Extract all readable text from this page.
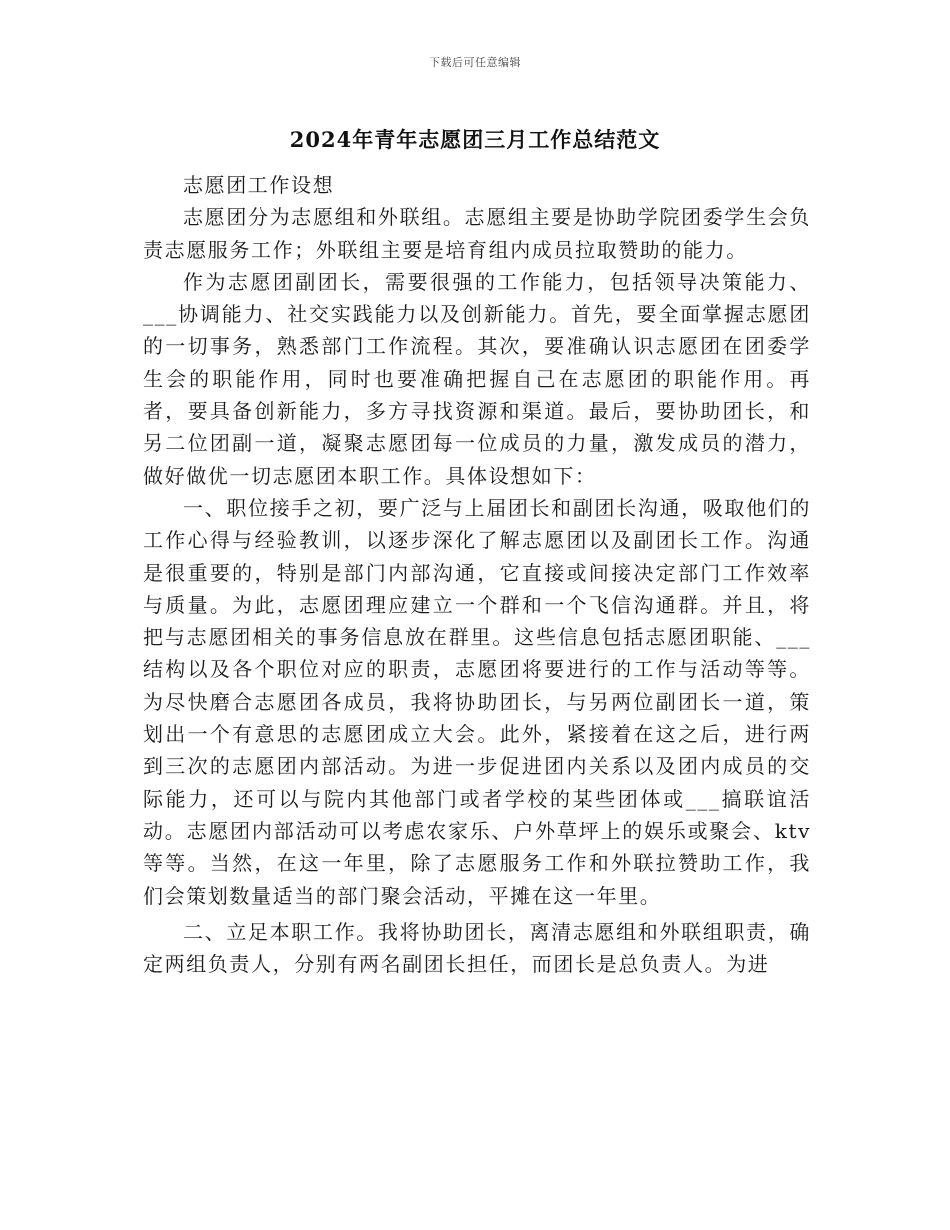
下载后可任意编辑
2024年青年志愿团三月工作总结范文

志愿团工作设想

志愿团分为志愿组和外联组。志愿组主要是协助学院团委学生会负责志愿服务工作；外联组主要是培育组内成员拉取赞助的能力。

作为志愿团副团长，需要很强的工作能力，包括领导决策能力、___协调能力、社交实践能力以及创新能力。首先，要全面掌握志愿团的一切事务，熟悉部门工作流程。其次，要准确认识志愿团在团委学生会的职能作用，同时也要准确把握自己在志愿团的职能作用。再者，要具备创新能力，多方寻找资源和渠道。最后，要协助团长，和另二位团副一道，凝聚志愿团每一位成员的力量，激发成员的潜力，做好做优一切志愿团本职工作。具体设想如下：

一、职位接手之初，要广泛与上届团长和副团长沟通，吸取他们的工作心得与经验教训，以逐步深化了解志愿团以及副团长工作。沟通是很重要的，特别是部门内部沟通，它直接或间接决定部门工作效率与质量。为此，志愿团理应建立一个群和一个飞信沟通群。并且，将把与志愿团相关的事务信息放在群里。这些信息包括志愿团职能、___结构以及各个职位对应的职责，志愿团将要进行的工作与活动等等。为尽快磨合志愿团各成员，我将协助团长，与另两位副团长一道，策划出一个有意思的志愿团成立大会。此外，紧接着在这之后，进行两到三次的志愿团内部活动。为进一步促进团内关系以及团内成员的交际能力，还可以与院内其他部门或者学校的某些团体或___搞联谊活动。志愿团内部活动可以考虑农家乐、户外草坪上的娱乐或聚会、ktv等等。当然，在这一年里，除了志愿服务工作和外联拉赞助工作，我们会策划数量适当的部门聚会活动，平摊在这一年里。

二、立足本职工作。我将协助团长，离清志愿组和外联组职责，确定两组负责人，分别有两名副团长担任，而团长是总负责人。为进
